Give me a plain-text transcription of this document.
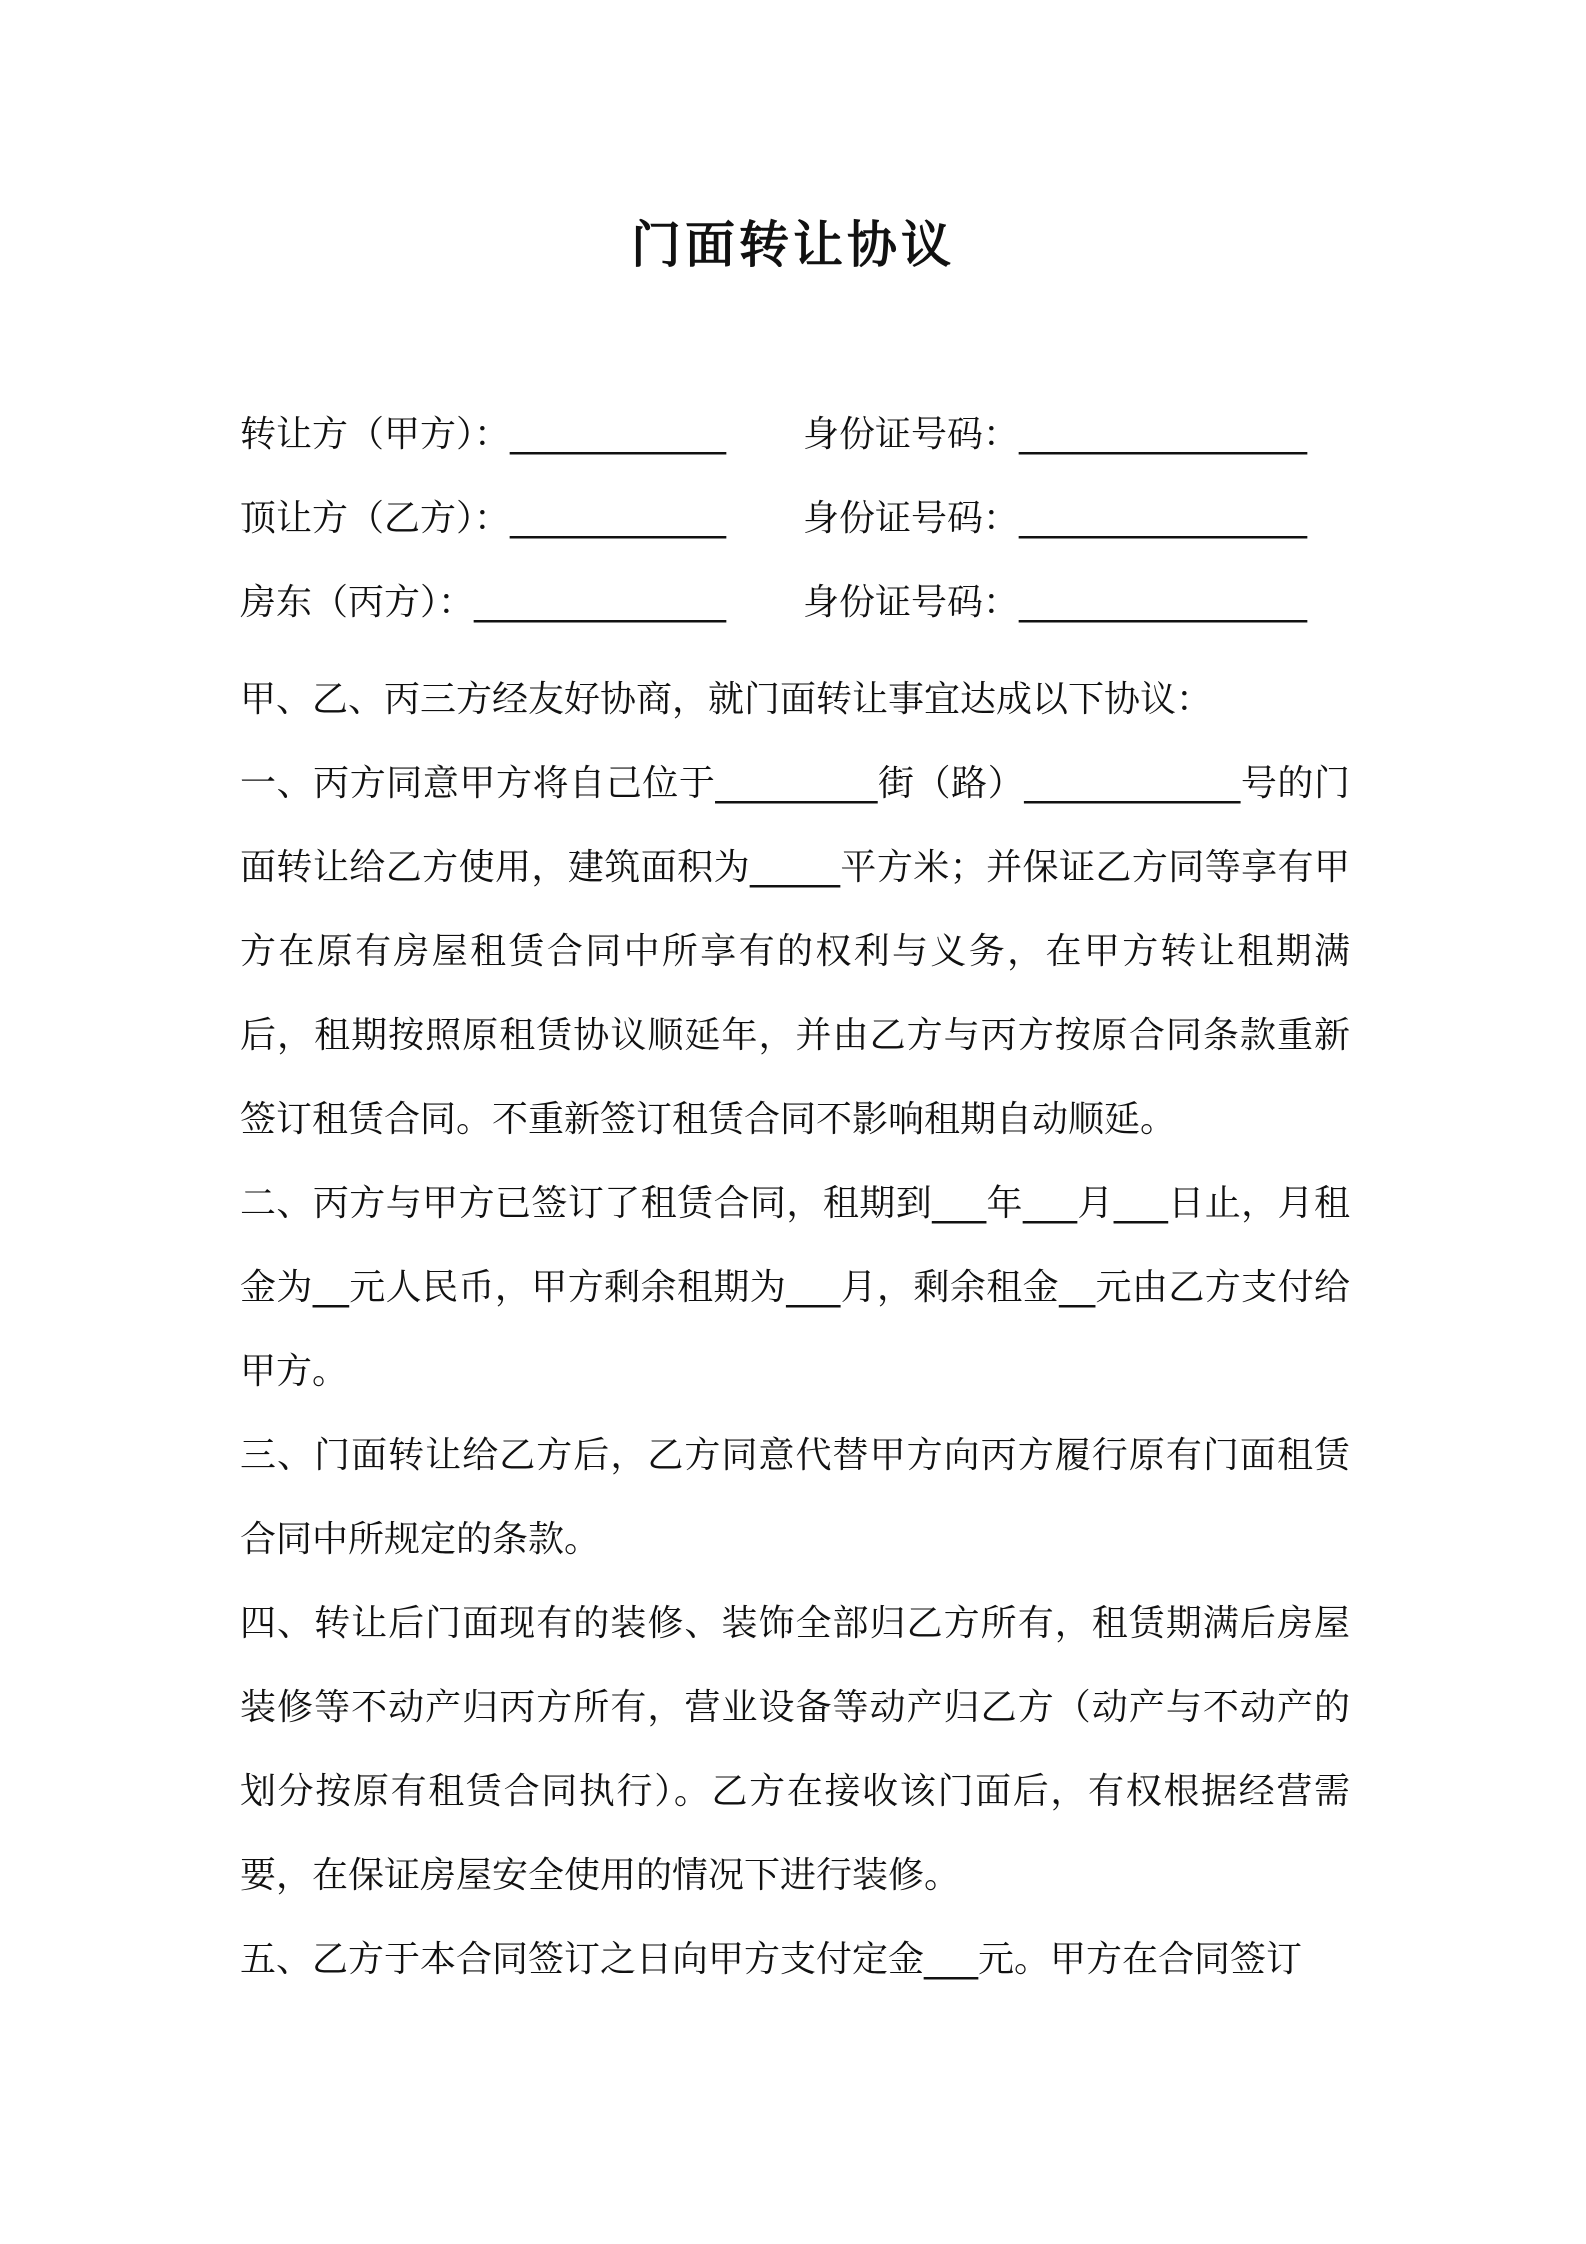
门面转让协议

转让方（甲方）：____________

身份证号码：________________

顶让方（乙方）：____________

身份证号码：________________

房东（丙方）：______________

身份证号码：________________

甲、乙、丙三方经友好协商，就门面转让事宜达成以下协议：

一、丙方同意甲方将自己位于_________街（路）____________号的门面转让给乙方使用，建筑面积为_____平方米；并保证乙方同等享有甲方在原有房屋租赁合同中所享有的权利与义务，在甲方转让租期满后，租期按照原租赁协议顺延年，并由乙方与丙方按原合同条款重新签订租赁合同。不重新签订租赁合同不影响租期自动顺延。

二、丙方与甲方已签订了租赁合同，租期到___年___月___日止，月租金为__元人民币，甲方剩余租期为___月，剩余租金__元由乙方支付给甲方。

三、门面转让给乙方后，乙方同意代替甲方向丙方履行原有门面租赁合同中所规定的条款。

四、转让后门面现有的装修、装饰全部归乙方所有，租赁期满后房屋装修等不动产归丙方所有，营业设备等动产归乙方（动产与不动产的划分按原有租赁合同执行）。乙方在接收该门面后，有权根据经营需要，在保证房屋安全使用的情况下进行装修。

五、乙方于本合同签订之日向甲方支付定金___元。甲方在合同签订
